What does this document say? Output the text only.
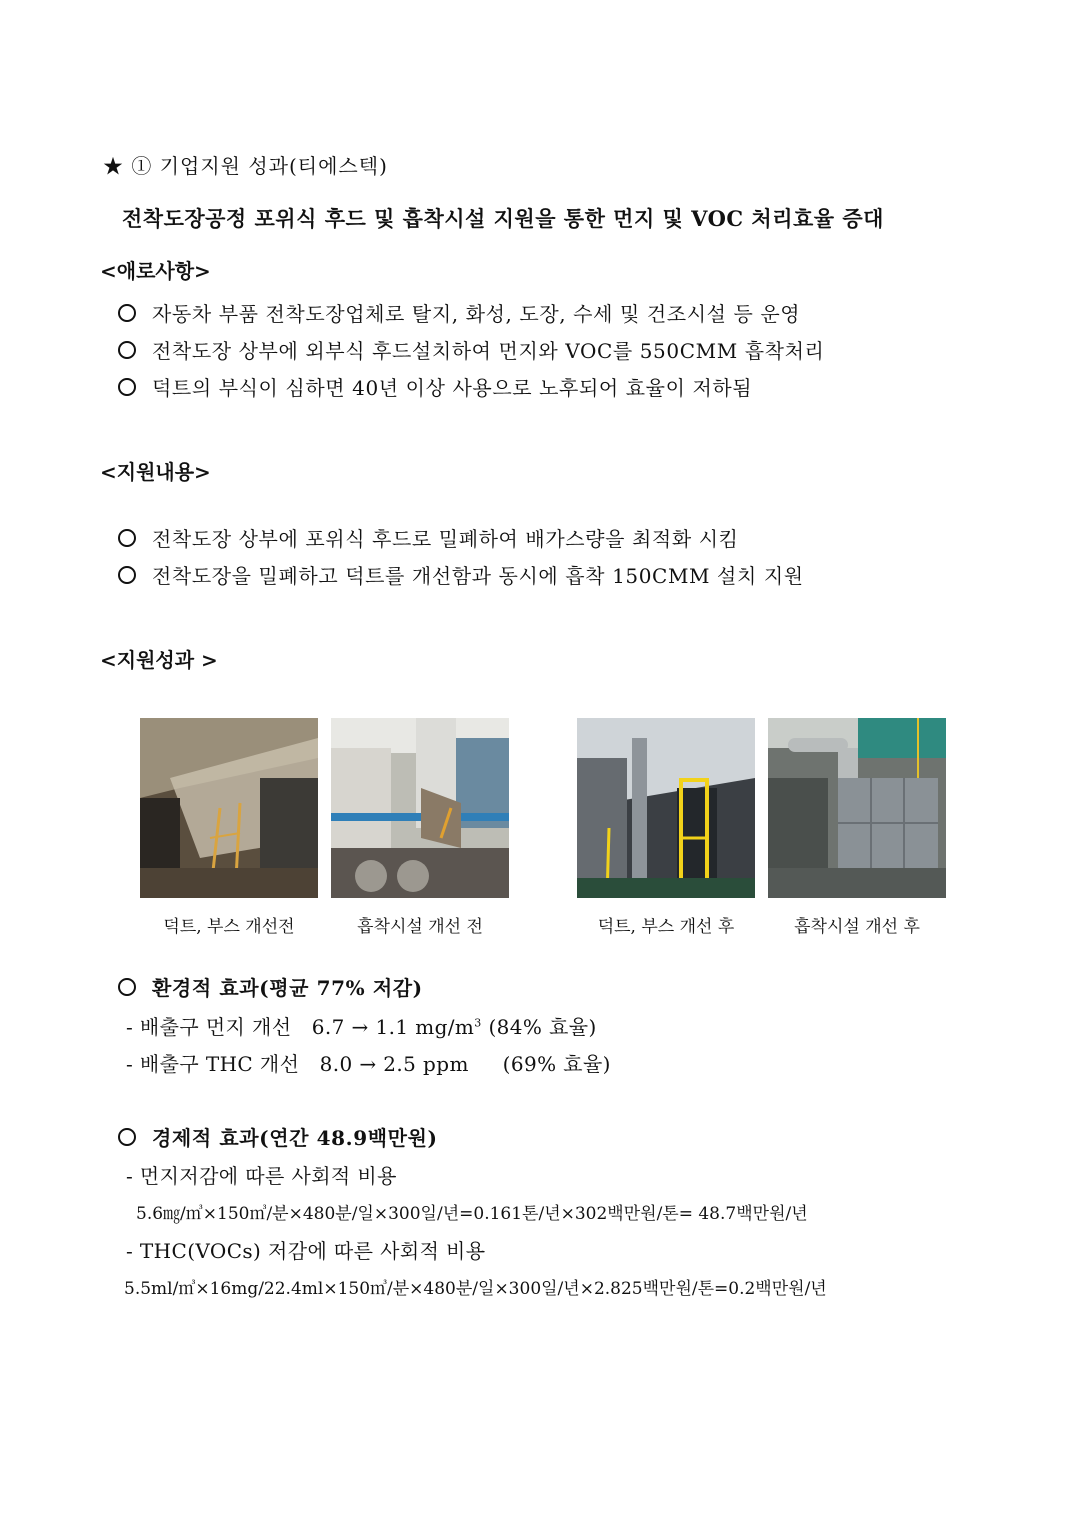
★ ① 기업지원 성과(티에스텍)
전착도장공정 포위식 후드 및 흡착시설 지원을 통한 먼지 및 VOC 처리효율 증대
<애로사항>
자동차 부품 전착도장업체로 탈지, 화성, 도장, 수세 및 건조시설 등 운영
전착도장 상부에 외부식 후드설치하여 먼지와 VOC를 550CMM 흡착처리
덕트의 부식이 심하면 40년 이상 사용으로 노후되어 효율이 저하됨
<지원내용>
전착도장 상부에 포위식 후드로 밀폐하여 배가스량을 최적화 시킴
전착도장을 밀폐하고 덕트를 개선함과 동시에 흡착 150CMM 설치 지원
<지원성과 >
덕트, 부스 개선전	흡착시설 개선 전	덕트, 부스 개선 후	흡착시설 개선 후
환경적 효과(평균 77% 저감)
- 배출구 먼지 개선 6.7 → 1.1 $mg/m^3$ (84% 효율)
- 배출구 THC 개선 8.0 → 2.5 ppm (69% 효율)
경제적 효과(연간 48.9백만원)
- 먼지저감에 따른 사회적 비용
5.6㎎/㎥×150㎥/분×480분/일×300일/년=0.161톤/년×302백만원/톤= 48.7백만원/년
- THC(VOCs) 저감에 따른 사회적 비용
5.5ml/㎥×16mg/22.4ml×150㎥/분×480분/일×300일/년×2.825백만원/톤=0.2백만원/년
